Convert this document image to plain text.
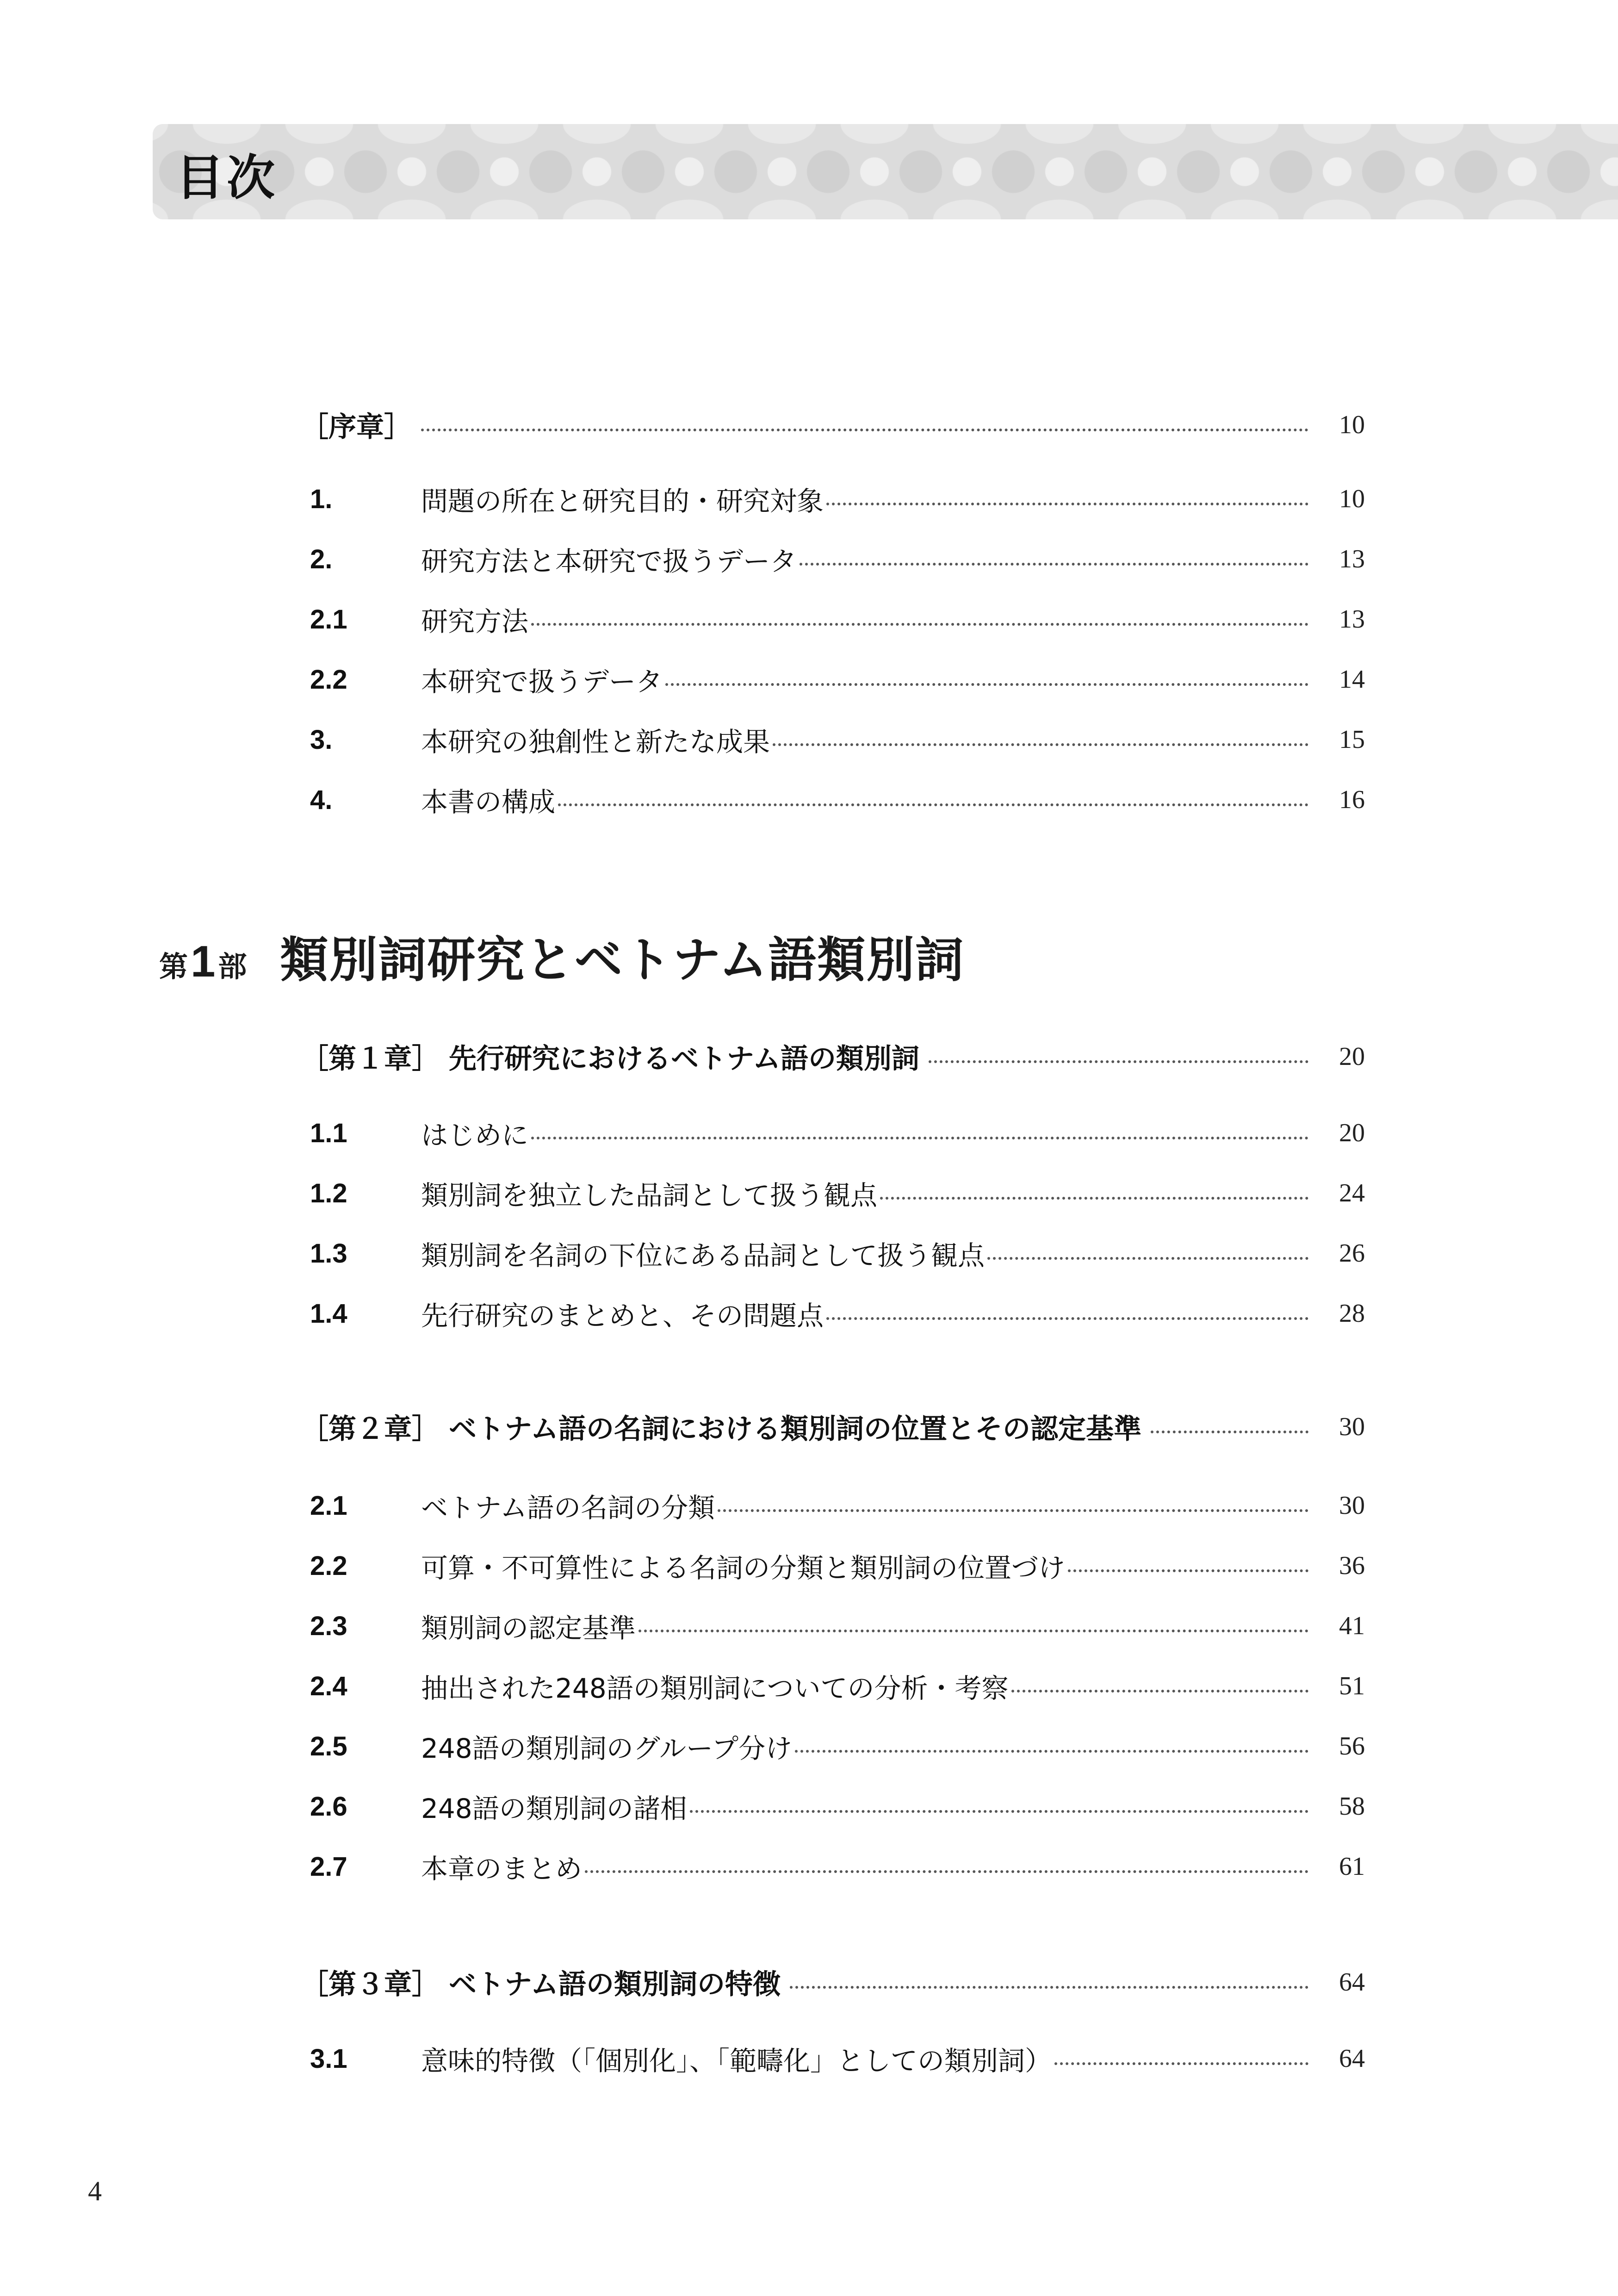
目次
［序章］	10
1.	問題の所在と研究目的・研究対象	10
2.	研究方法と本研究で扱うデータ	13
2.1	研究方法	13
2.2	本研究で扱うデータ	14
3.	本研究の独創性と新たな成果	15
4.	本書の構成	16
第 1 部 類別詞研究とベトナム語類別詞
［第１章］ 先行研究におけるベトナム語の類別詞	20
1.1	はじめに	20
1.2	類別詞を独立した品詞として扱う観点	24
1.3	類別詞を名詞の下位にある品詞として扱う観点	26
1.4	先行研究のまとめと、その問題点	28
［第２章］ ベトナム語の名詞における類別詞の位置とその認定基準	30
2.1	ベトナム語の名詞の分類	30
2.2	可算・不可算性による名詞の分類と類別詞の位置づけ	36
2.3	類別詞の認定基準	41
2.4	抽出された248語の類別詞についての分析・考察	51
2.5	248語の類別詞のグループ分け	56
2.6	248語の類別詞の諸相	58
2.7	本章のまとめ	61
［第３章］ ベトナム語の類別詞の特徴	64
3.1	意味的特徴（「個別化」、「範疇化」としての類別詞）	64
4
